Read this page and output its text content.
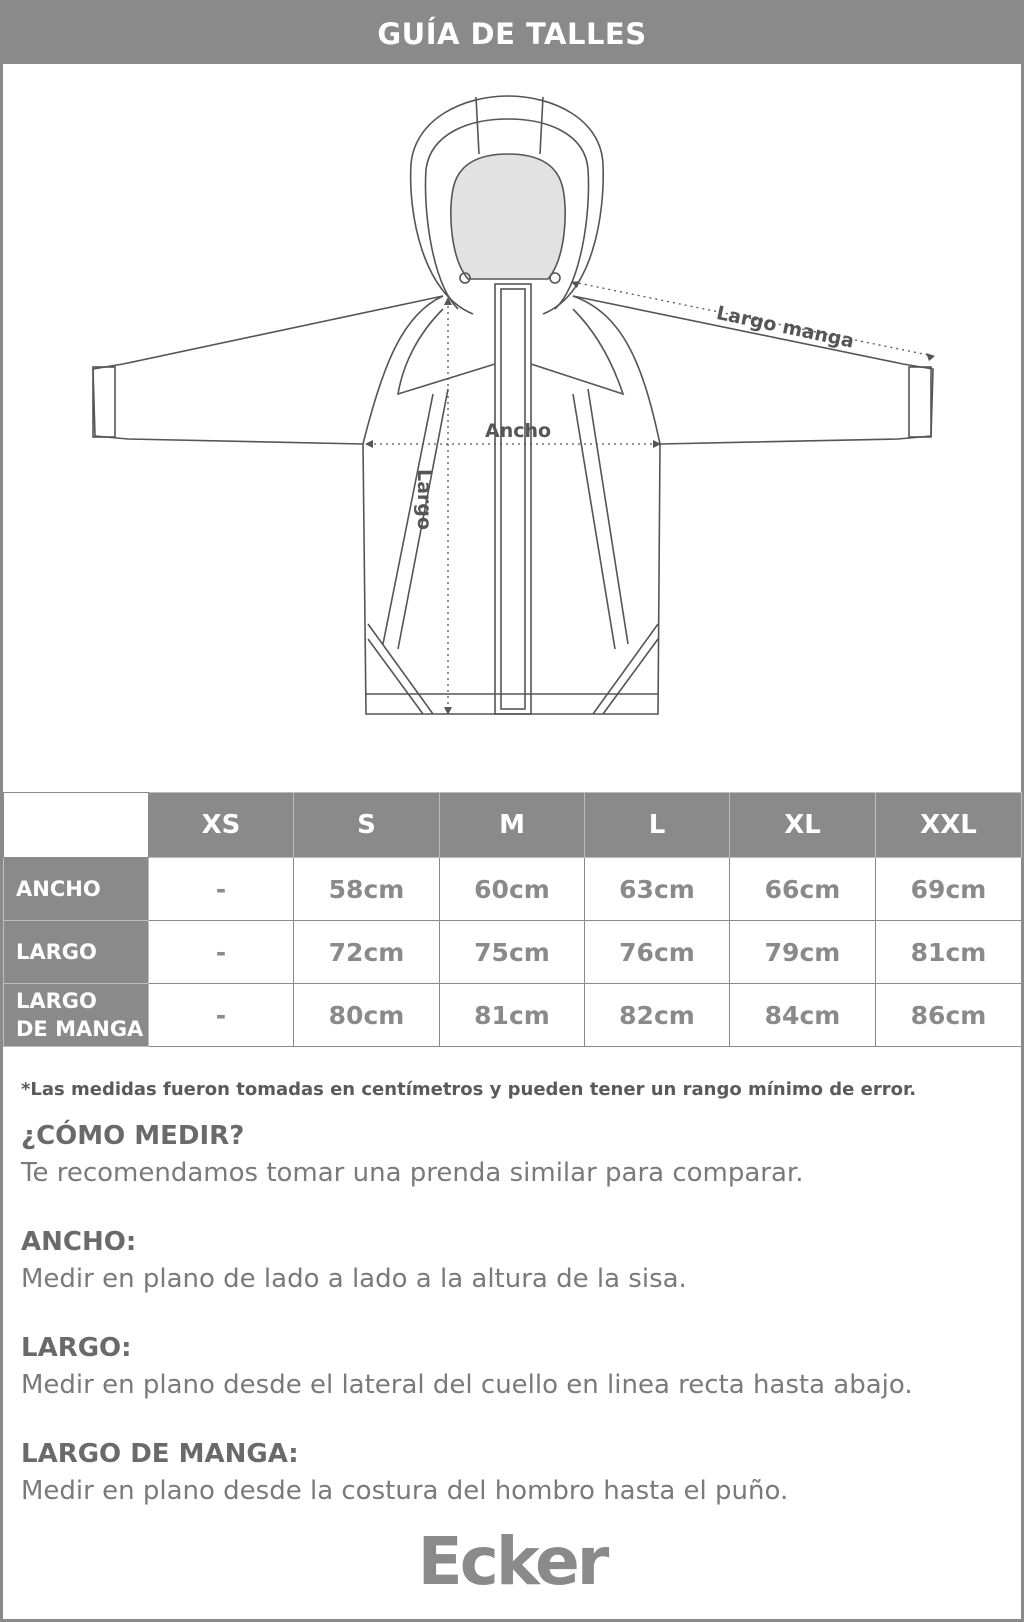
GUÍA DE TALLES
Largo manga
Ancho
Largo
	XS	S	M	L	XL	XXL
ANCHO	-	58cm	60cm	63cm	66cm	69cm
LARGO	-	72cm	75cm	76cm	79cm	81cm

LARGO
DE MANGA	-	80cm	81cm	82cm	84cm	86cm
*Las medidas fueron tomadas en centímetros y pueden tener un rango mínimo de error.
¿CÓMO MEDIR?
Te recomendamos tomar una prenda similar para comparar.
ANCHO:
Medir en plano de lado a lado a la altura de la sisa.
LARGO:
Medir en plano desde el lateral del cuello en linea recta hasta abajo.
LARGO DE MANGA:
Medir en plano desde la costura del hombro hasta el puño.
Ecker
